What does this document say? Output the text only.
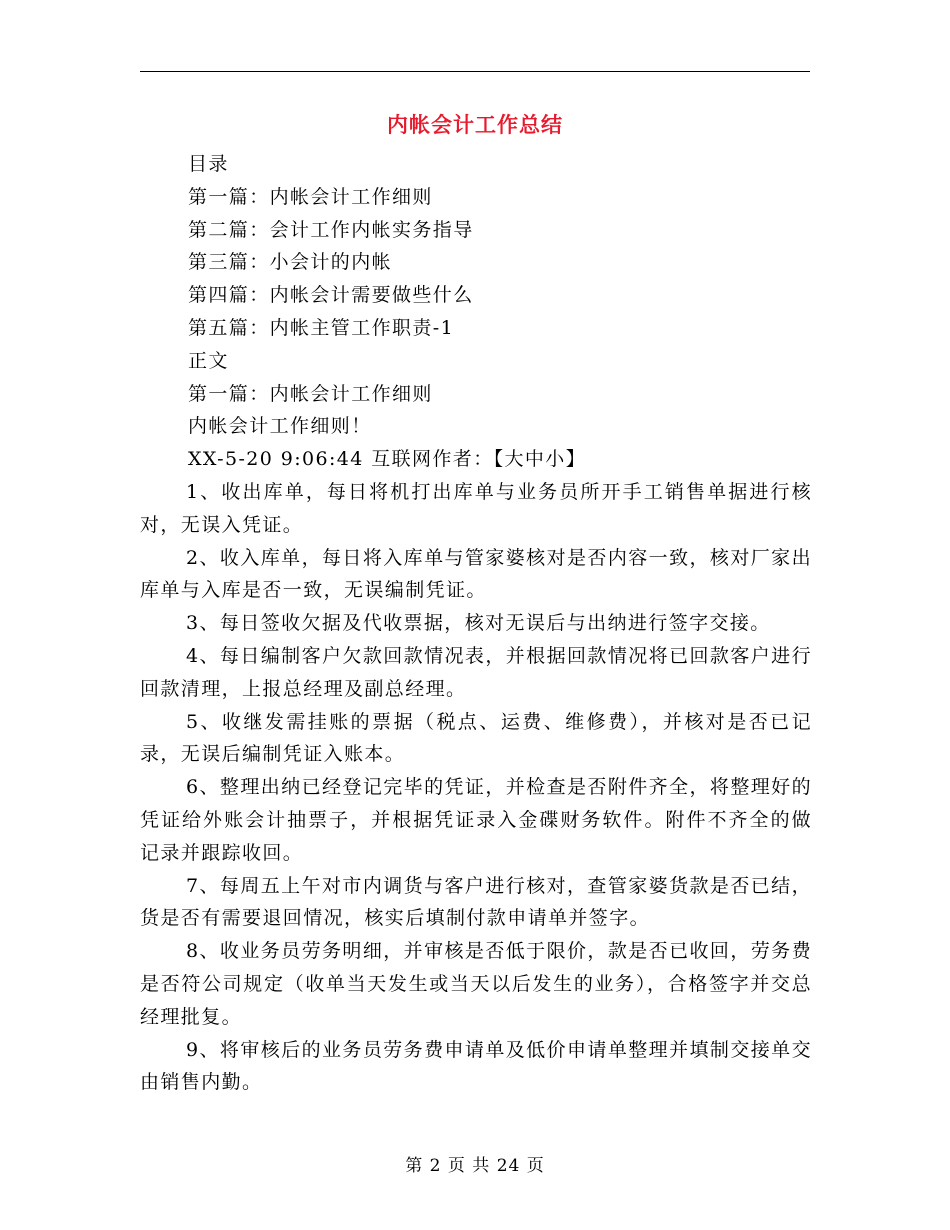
内帐会计工作总结

目录

第一篇：内帐会计工作细则

第二篇：会计工作内帐实务指导

第三篇：小会计的内帐

第四篇：内帐会计需要做些什么

第五篇：内帐主管工作职责-1

正文

第一篇：内帐会计工作细则

内帐会计工作细则！

XX-5-20 9:06:44 互联网作者：【大中小】

1、收出库单，每日将机打出库单与业务员所开手工销售单据进行核对，无误入凭证。

2、收入库单，每日将入库单与管家婆核对是否内容一致，核对厂家出库单与入库是否一致，无误编制凭证。

3、每日签收欠据及代收票据，核对无误后与出纳进行签字交接。

4、每日编制客户欠款回款情况表，并根据回款情况将已回款客户进行回款清理，上报总经理及副总经理。

5、收继发需挂账的票据（税点、运费、维修费），并核对是否已记录，无误后编制凭证入账本。

6、整理出纳已经登记完毕的凭证，并检查是否附件齐全，将整理好的凭证给外账会计抽票子，并根据凭证录入金碟财务软件。附件不齐全的做记录并跟踪收回。

7、每周五上午对市内调货与客户进行核对，查管家婆货款是否已结，货是否有需要退回情况，核实后填制付款申请单并签字。

8、收业务员劳务明细，并审核是否低于限价，款是否已收回，劳务费是否符公司规定（收单当天发生或当天以后发生的业务），合格签字并交总经理批复。

9、将审核后的业务员劳务费申请单及低价申请单整理并填制交接单交由销售内勤。

第 2 页 共 24 页
